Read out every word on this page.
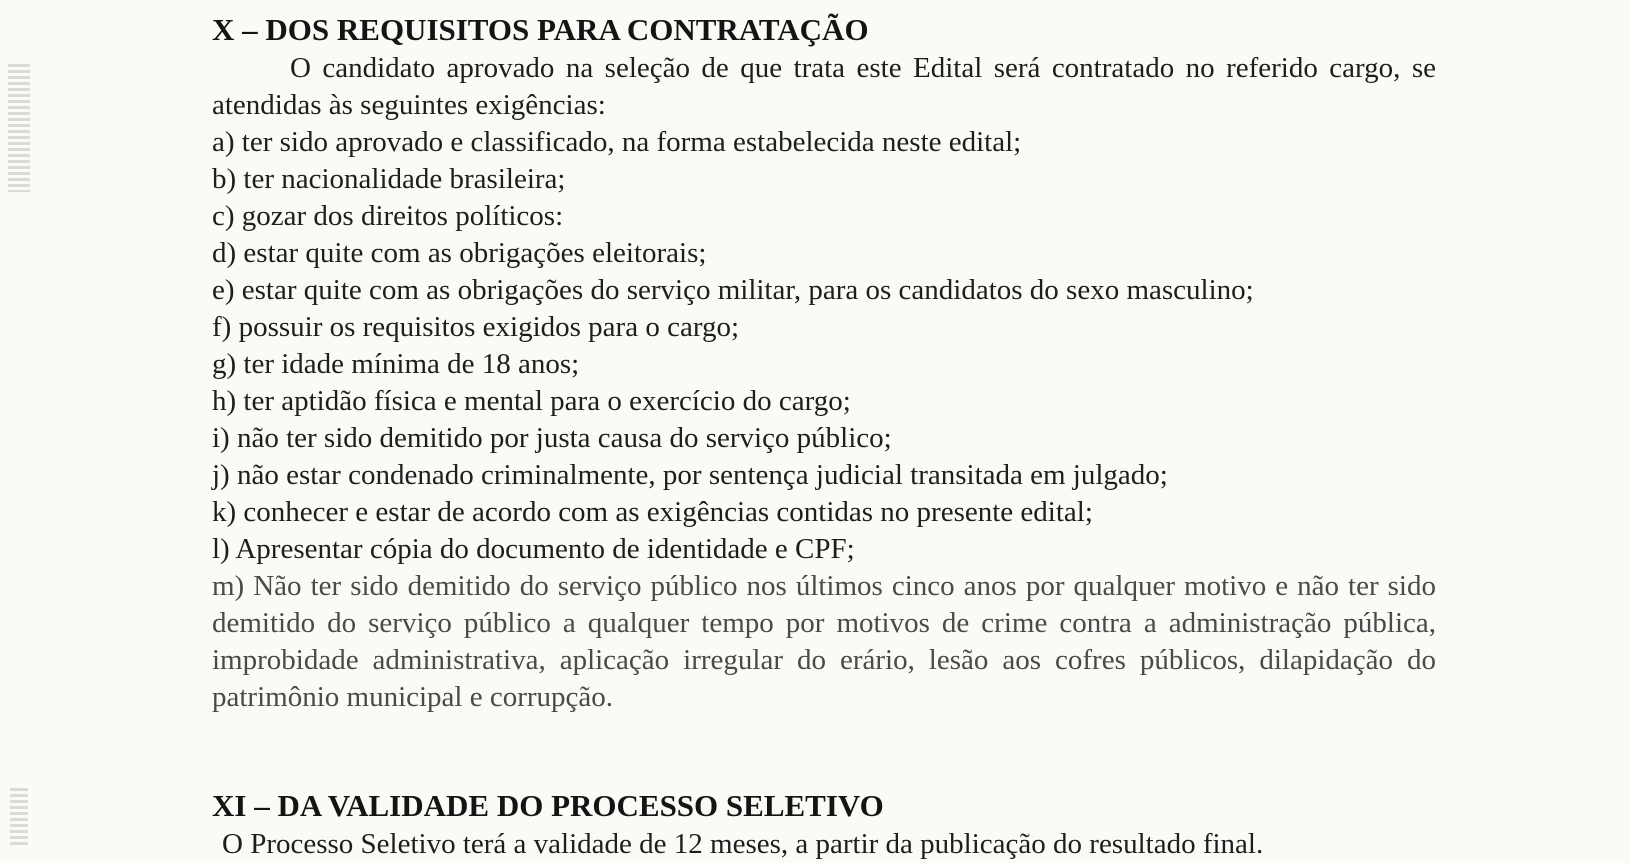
X – DOS REQUISITOS PARA CONTRATAÇÃO
O candidato aprovado na seleção de que trata este Edital será contratado no referido cargo, se atendidas às seguintes exigências:
a) ter sido aprovado e classificado, na forma estabelecida neste edital;
b) ter nacionalidade brasileira;
c) gozar dos direitos políticos:
d) estar quite com as obrigações eleitorais;
e) estar quite com as obrigações do serviço militar, para os candidatos do sexo masculino;
f) possuir os requisitos exigidos para o cargo;
g) ter idade mínima de 18 anos;
h) ter aptidão física e mental para o exercício do cargo;
i) não ter sido demitido por justa causa do serviço público;
j) não estar condenado criminalmente, por sentença judicial transitada em julgado;
k) conhecer e estar de acordo com as exigências contidas no presente edital;
l) Apresentar cópia do documento de identidade e CPF;
m) Não ter sido demitido do serviço público nos últimos cinco anos por qualquer motivo e não ter sido demitido do serviço público a qualquer tempo por motivos de crime contra a administração pública, improbidade administrativa, aplicação irregular do erário, lesão aos cofres públicos, dilapidação do patrimônio municipal e corrupção.
XI – DA VALIDADE DO PROCESSO SELETIVO
O Processo Seletivo terá a validade de 12 meses, a partir da publicação do resultado final.
